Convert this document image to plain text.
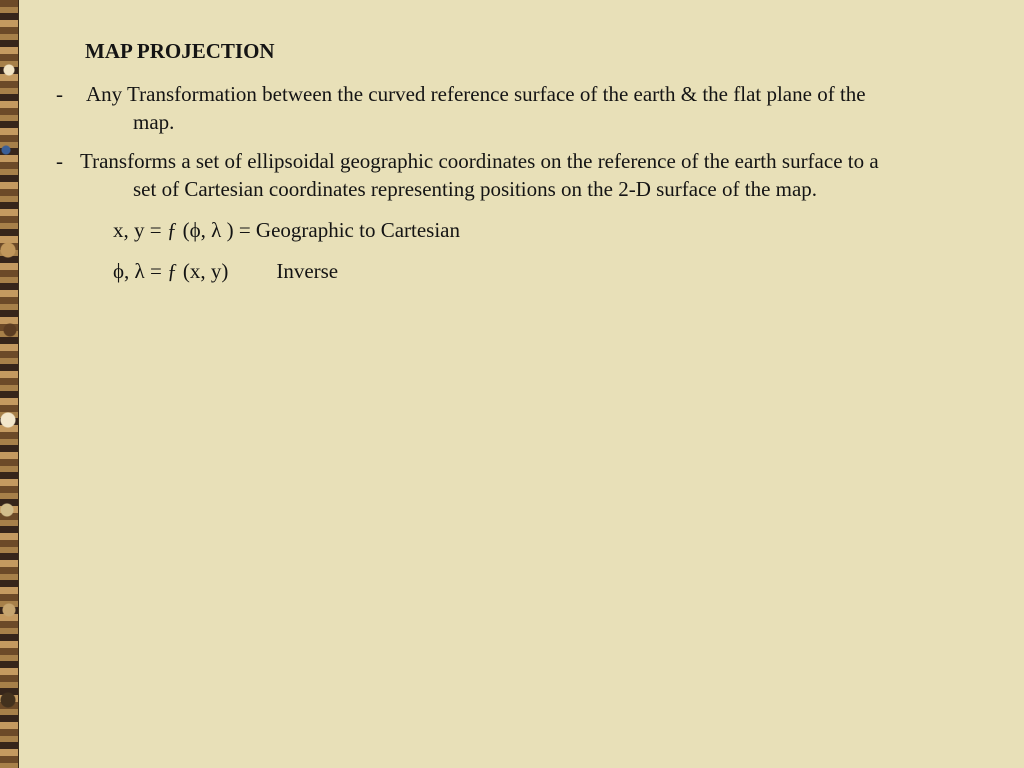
MAP PROJECTION
- Any Transformation between the curved reference surface of the earth & the flat plane of the
map.
- Transforms a set of ellipsoidal geographic coordinates on the reference of the earth surface to a
set of Cartesian coordinates representing positions on the 2-D surface of the map.
x, y = ƒ (ϕ, λ ) = Geographic to Cartesian
ϕ, λ = ƒ (x, y) Inverse
